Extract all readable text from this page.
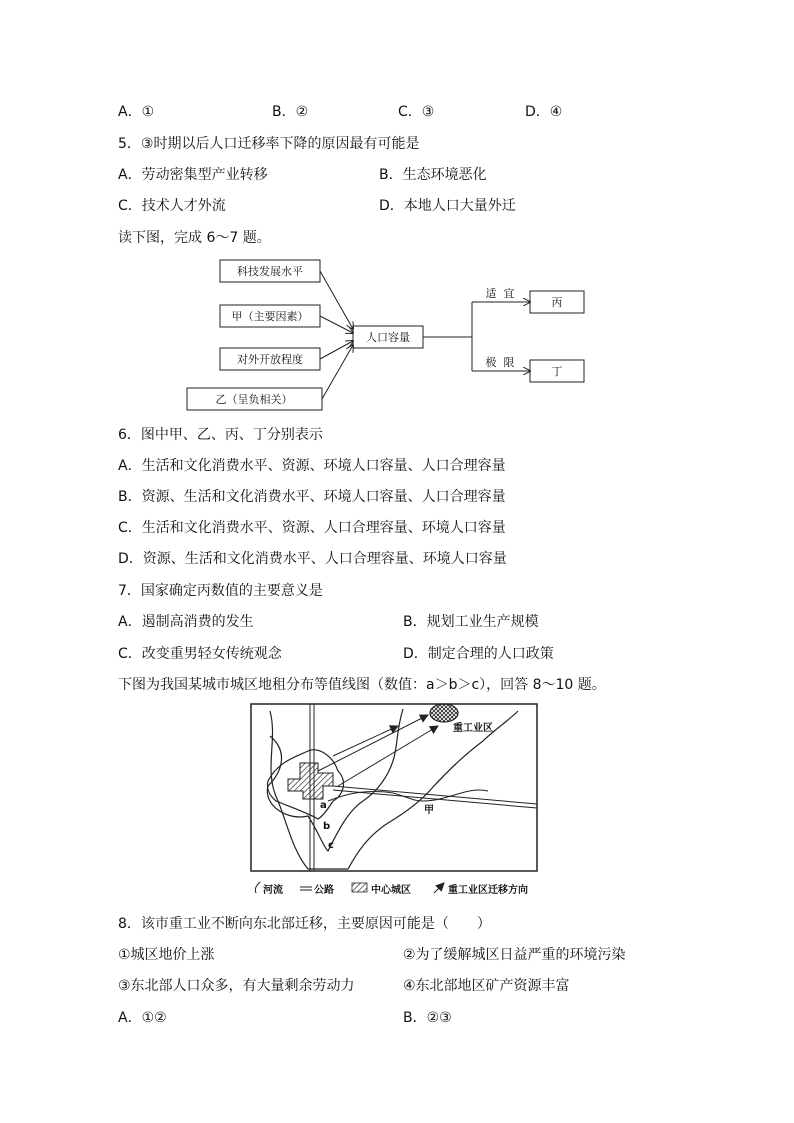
A．①	B．②	C．③	D．④
5．③时期以后人口迁移率下降的原因最有可能是
A．劳动密集型产业转移	B．生态环境恶化
C．技术人才外流	D．本地人口大量外迁
读下图，完成 6～7 题。
科技发展水平
甲（主要因素）
对外开放程度
乙（呈负相关）
人口容量
适  宜
极  限
丙
丁
6．图中甲、乙、丙、丁分别表示
A．生活和文化消费水平、资源、环境人口容量、人口合理容量
B．资源、生活和文化消费水平、环境人口容量、人口合理容量
C．生活和文化消费水平、资源、人口合理容量、环境人口容量
D．资源、生活和文化消费水平、人口合理容量、环境人口容量
7．国家确定丙数值的主要意义是
A．遏制高消费的发生	B．规划工业生产规模
C．改变重男轻女传统观念	D．制定合理的人口政策
下图为我国某城市城区地租分布等值线图（数值：a＞b＞c），回答 8～10 题。
重工业区
甲
a
b
c
河流	公路	中心城区	重工业区迁移方向
8．该市重工业不断向东北部迁移，主要原因可能是（　　）
①城区地价上涨	②为了缓解城区日益严重的环境污染
③东北部人口众多，有大量剩余劳动力	④东北部地区矿产资源丰富
A．①②	B．②③
